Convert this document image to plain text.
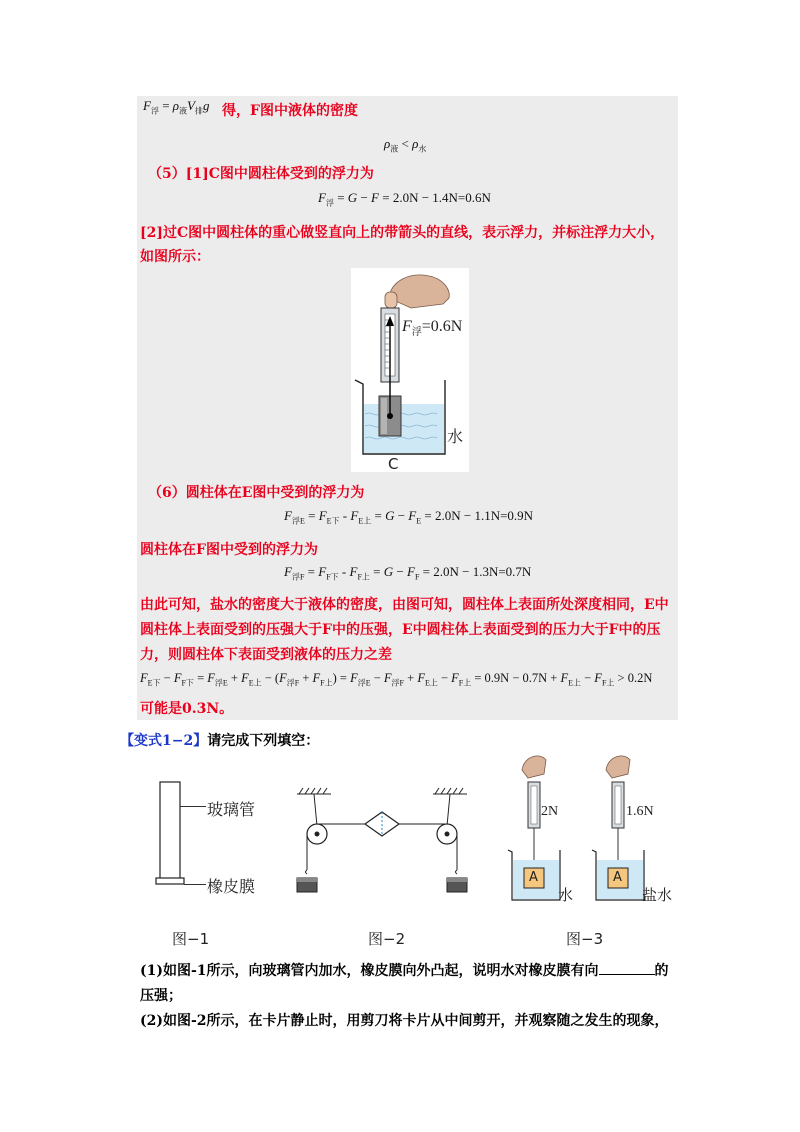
$F_浮 = \rho_液V_排g$ 得，F图中液体的密度
$\rho_液 < \rho_水$
（5）[1]C图中圆柱体受到的浮力为
$F_浮 = G - F = 2.0N - 1.4N=0.6N$
[2]过C图中圆柱体的重心做竖直向上的带箭头的直线，表示浮力，并标注浮力大小，
如图所示：
$F_浮=0.6N$
水
C
（6）圆柱体在E图中受到的浮力为
$F_{浮E} = F_{E下} - F_{E上} = G - F_E = 2.0N - 1.1N=0.9N$
圆柱体在F图中受到的浮力为
$F_{浮F} = F_{F下} - F_{F上} = G - F_F = 2.0N - 1.3N=0.7N$
由此可知，盐水的密度大于液体的密度，由图可知，圆柱体上表面所处深度相同，E中
圆柱体上表面受到的压强大于F中的压强，E中圆柱体上表面受到的压力大于F中的压
力，则圆柱体下表面受到液体的压力之差
$F_{E下} - F_{F下} = F_{浮E} + F_{E上} - (F_{浮F} + F_{F上}) = F_{浮E} - F_{浮F} + F_{E上} - F_{F上} = 0.9N - 0.7N + F_{E上} - F_{F上} > 0.2N$
可能是0.3N。
【变式1−2】请完成下列填空：
玻璃管
橡皮膜
图−1	图−2
2N	1.6N
A	A
水	盐水
图−3
(1)如图-1所示，向玻璃管内加水，橡皮膜向外凸起，说明水对橡皮膜有向	的
压强；
(2)如图-2所示，在卡片静止时，用剪刀将卡片从中间剪开，并观察随之发生的现象，
